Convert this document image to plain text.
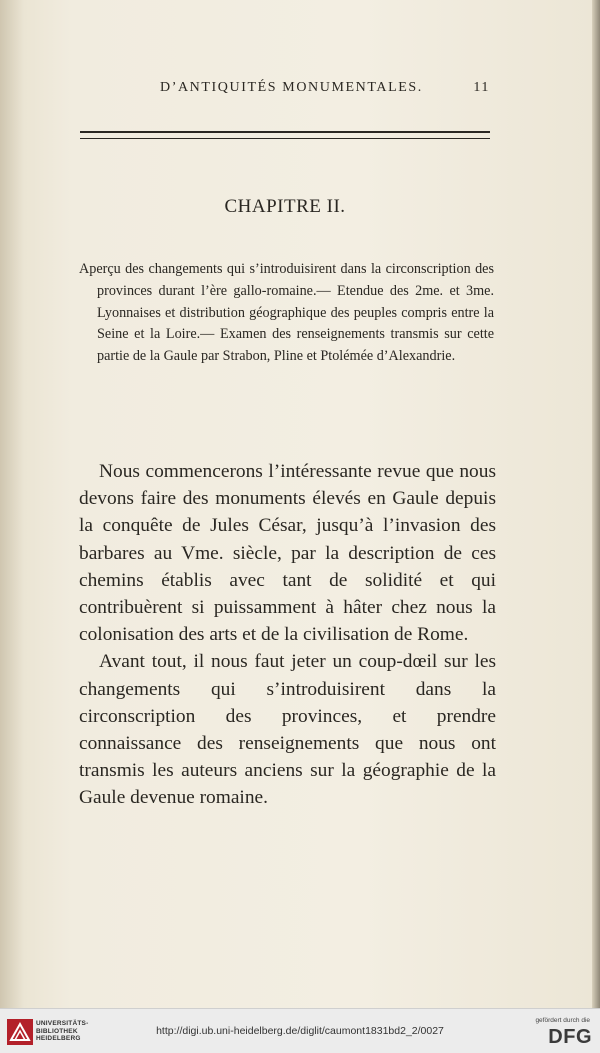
D’ANTIQUITÉS MONUMENTALES.	11
CHAPITRE II.
Aperçu des changements qui s’introduisirent dans la circonscription des provinces durant l’ère gallo-romaine.— Etendue des 2me. et 3me. Lyonnaises et distribution géographique des peuples compris entre la Seine et la Loire.— Examen des renseignements transmis sur cette partie de la Gaule par Strabon, Pline et Ptolémée d’Alexandrie.

Nous commencerons l’intéressante revue que nous devons faire des monuments élevés en Gaule depuis la conquête de Jules César, jusqu’à l’invasion des barbares au Vme. siècle, par la description de ces chemins établis avec tant de solidité et qui contribuèrent si puissamment à hâter chez nous la colonisation des arts et de la civilisation de Rome.

Avant tout, il nous faut jeter un coup-dœil sur les changements qui s’introduisirent dans la circonscription des provinces, et prendre connaissance des renseignements que nous ont transmis les auteurs anciens sur la géographie de la Gaule devenue romaine.

UNIVERSITÄTS-
BIBLIOTHEK
HEIDELBERG
http://digi.ub.uni-heidelberg.de/diglit/caumont1831bd2_2/0027
gefördert durch die
DFG
